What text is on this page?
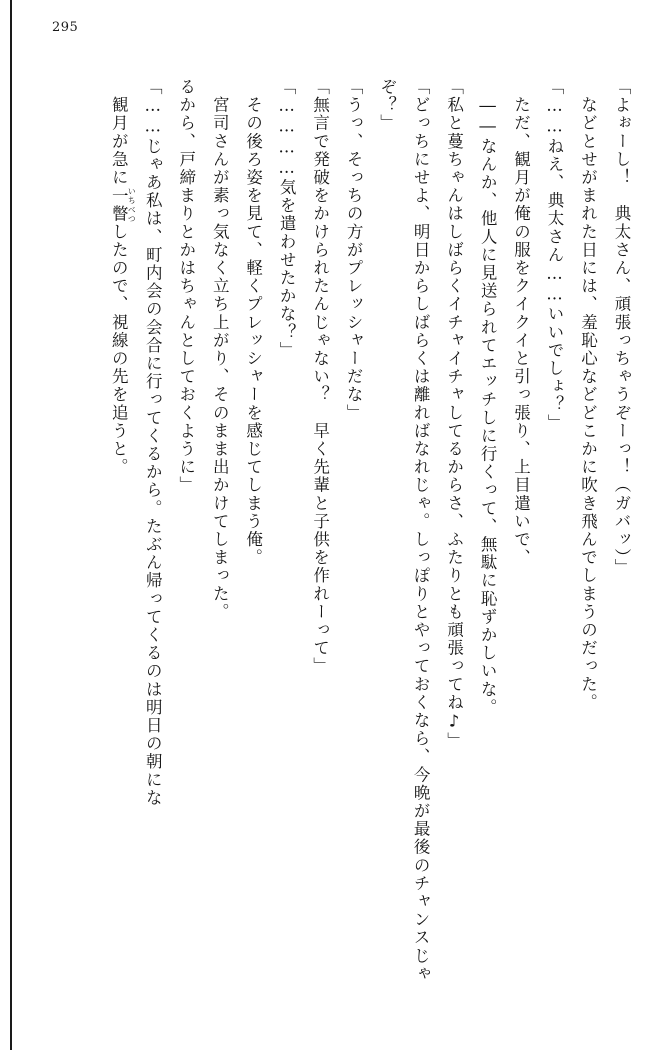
295

「よぉーし！　典太さん、頑張っちゃうぞーっ！（ガバッ）」

　などとせがまれた日には、羞恥心などどこかに吹き飛んでしまうのだった。

「……ねえ、典太さん……いいでしょ？」

　ただ、観月が俺の服をクイクイと引っ張り、上目遣いで、

　――なんか、他人に見送られてエッチしに行くって、無駄に恥ずかしいな。

「私と蔓ちゃんはしばらくイチャイチャしてるからさ、ふたりとも頑張ってね♪」

「どっちにせよ、明日からしばらくは離ればなれじゃ。しっぽりとやっておくなら、今晩が最後のチャンスじゃぞ？」

「うっ、そっちの方がプレッシャーだな」

「無言で発破をかけられたんじゃない？　早く先輩と子供を作れーって」

「…………気を遣わせたかな？」

　その後ろ姿を見て、軽くプレッシャーを感じてしまう俺。

　宮司さんが素っ気なく立ち上がり、そのまま出かけてしまった。

るから、戸締まりとかはちゃんとしておくように」

「……じゃあ私は、町内会の会合に行ってくるから。たぶん帰ってくるのは明日の朝にな

　観月が急に一瞥 いちべつしたので、視線の先を追うと。
